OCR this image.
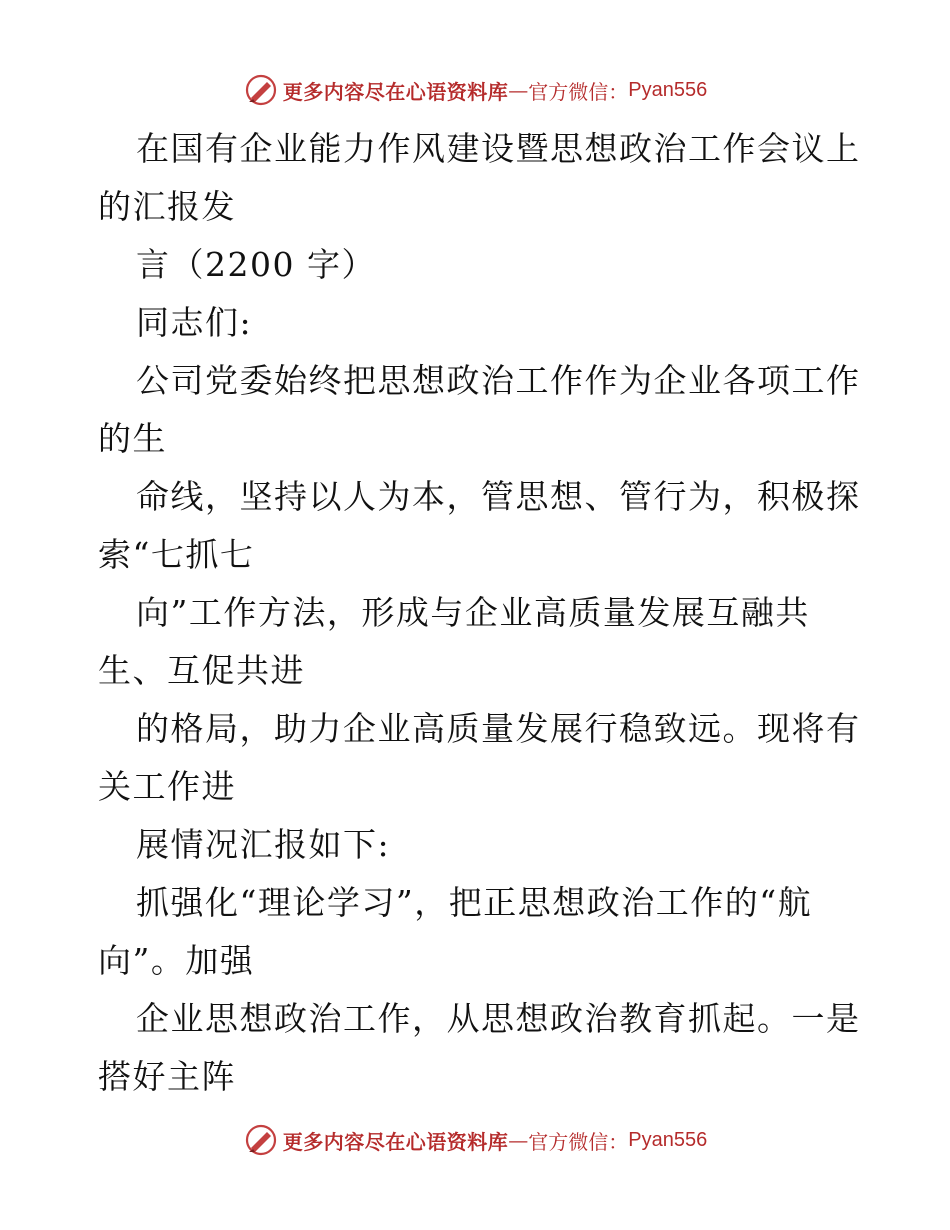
更多内容尽在心语资料库 — 官方微信： Pyan556
在国有企业能力作风建设暨思想政治工作会议上
的汇报发
言（2200 字）
同志们:
公司党委始终把思想政治工作作为企业各项工作
的生
命线，坚持以人为本，管思想、管行为，积极探
索“七抓七
向”工作方法，形成与企业高质量发展互融共
生、互促共进
的格局，助力企业高质量发展行稳致远。现将有
关工作进
展情况汇报如下:
抓强化“理论学习”，把正思想政治工作的“航
向”。加强
企业思想政治工作，从思想政治教育抓起。一是
搭好主阵
更多内容尽在心语资料库 — 官方微信： Pyan556
